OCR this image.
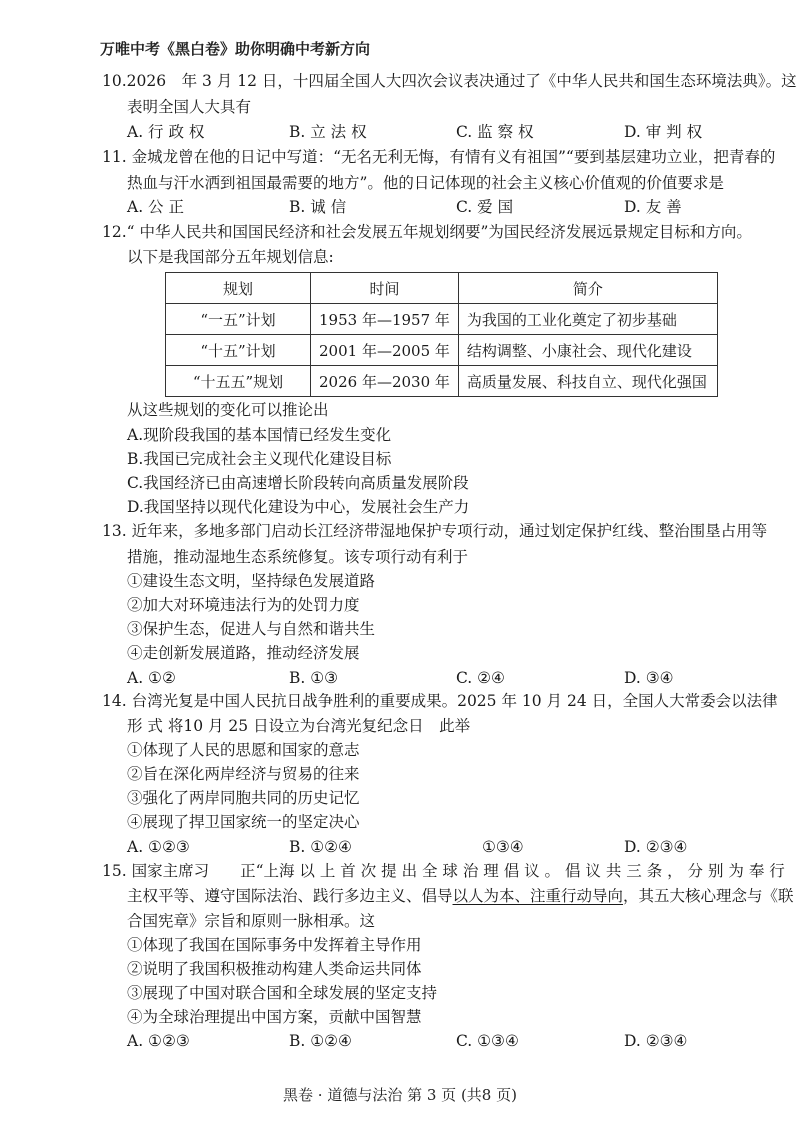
万唯中考《黑白卷》助你明确中考新方向
10.2026　年 3 月 12 日，十四届全国人大四次会议表决通过了《中华人民共和国生态环境法典》。这
表明全国人大具有
A. 行 政 权	B. 立 法 权	C. 监 察 权	D. 审 判 权
11. 金城龙曾在他的日记中写道：“无名无利无悔，有情有义有祖国”“要到基层建功立业，把青春的
热血与汗水洒到祖国最需要的地方”。他的日记体现的社会主义核心价值观的价值要求是
A. 公 正	B. 诚 信	C. 爱 国	D. 友 善
12.“ 中华人民共和国国民经济和社会发展五年规划纲要”为国民经济发展远景规定目标和方向。
以下是我国部分五年规划信息:
规划	时间	简介
“一五”计划	1953 年—1957 年	为我国的工业化奠定了初步基础
“十五”计划	2001 年—2005 年	结构调整、小康社会、现代化建设
“十五五”规划	2026 年—2030 年	高质量发展、科技自立、现代化强国
从这些规划的变化可以推论出
A.现阶段我国的基本国情已经发生变化
B.我国已完成社会主义现代化建设目标
C.我国经济已由高速增长阶段转向高质量发展阶段
D.我国坚持以现代化建设为中心，发展社会生产力
13. 近年来，多地多部门启动长江经济带湿地保护专项行动，通过划定保护红线、整治围垦占用等
措施，推动湿地生态系统修复。该专项行动有利于
①建设生态文明，坚持绿色发展道路
②加大对环境违法行为的处罚力度
③保护生态，促进人与自然和谐共生
④走创新发展道路，推动经济发展
A. ①②	B. ①③	C. ②④	D. ③④
14. 台湾光复是中国人民抗日战争胜利的重要成果。2025 年 10 月 24 日，全国人大常委会以法律
形 式 将10 月 25 日设立为台湾光复纪念日　此举
①体现了人民的思愿和国家的意志
②旨在深化两岸经济与贸易的往来
③强化了两岸同胞共同的历史记忆
④展现了捍卫国家统一的坚定决心
A. ①②③	B. ①②④	①③④	D. ②③④
15. 国家主席习　　正“上海 以 上 首 次 提 出 全 球 治 理 倡 议 。 倡 议 共 三 条 ， 分 别 为 奉 行
主权平等、遵守国际法治、践行多边主义、倡导以人为本、注重行动导向，其五大核心理念与《联
合国宪章》宗旨和原则一脉相承。这
①体现了我国在国际事务中发挥着主导作用
②说明了我国积极推动构建人类命运共同体
③展现了中国对联合国和全球发展的坚定支持
④为全球治理提出中国方案，贡献中国智慧
A. ①②③	B. ①②④	C. ①③④	D. ②③④
黑卷 · 道德与法治 第 3 页 (共8 页)
